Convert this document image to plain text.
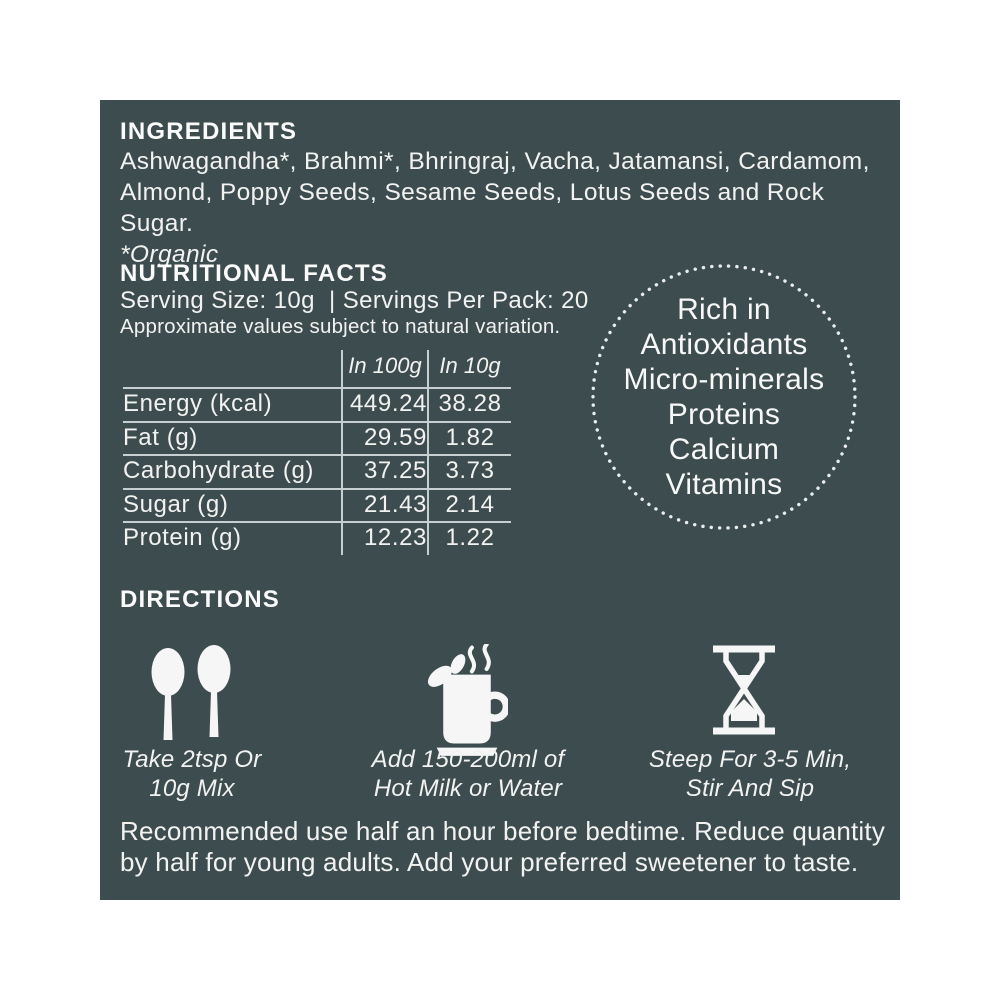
INGREDIENTS
Ashwagandha*, Brahmi*, Bhringraj, Vacha, Jatamansi, Cardamom,
Almond, Poppy Seeds, Sesame Seeds, Lotus Seeds and Rock Sugar.
*Organic
NUTRITIONAL FACTS
Serving Size: 10g  | Servings Per Pack: 20
Approximate values subject to natural variation.
	In 100g	In 10g
Energy (kcal)	449.24	38.28
Fat (g)	29.59	1.82
Carbohydrate (g)	37.25	3.73
Sugar (g)	21.43	2.14
Protein (g)	12.23	1.22
Rich in
Antioxidants
Micro-minerals
Proteins
Calcium
Vitamins
DIRECTIONS
Take 2tsp Or
10g Mix
Add 150-200ml of
Hot Milk or Water
Steep For 3-5 Min,
Stir And Sip
Recommended use half an hour before bedtime. Reduce quantity
by half for young adults. Add your preferred sweetener to taste.
